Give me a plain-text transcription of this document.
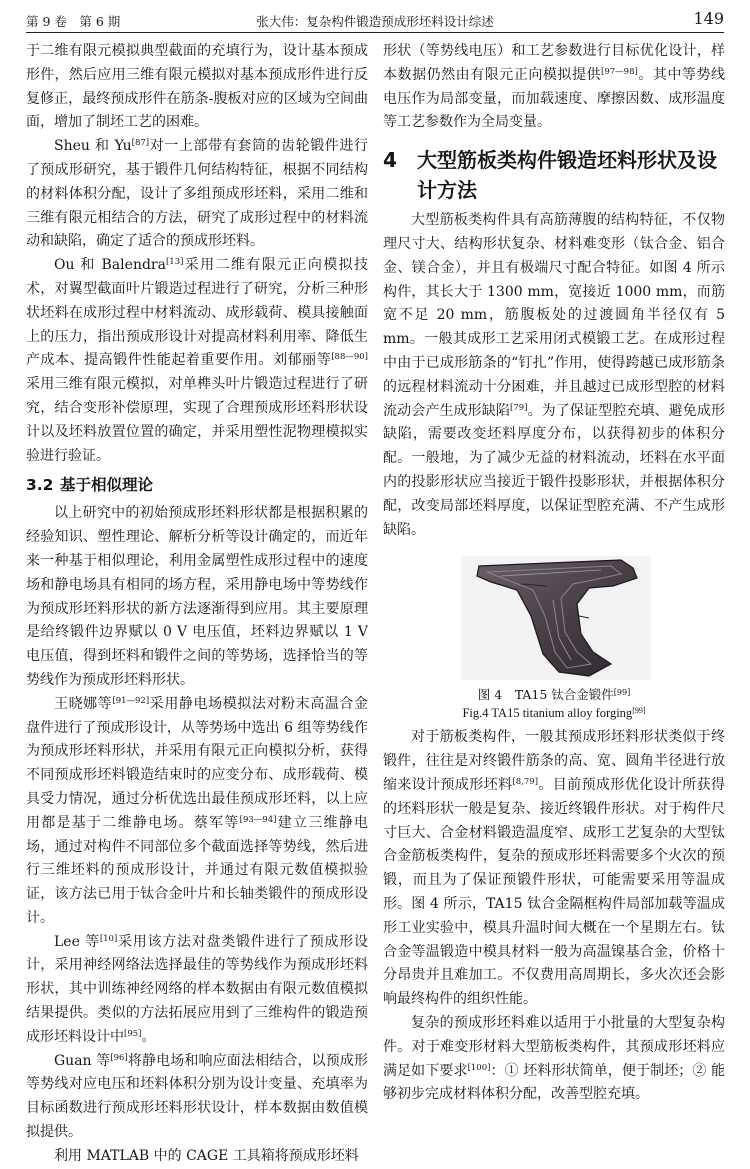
第 9 卷　第 6 期	张大伟：复杂构件锻造预成形坯料设计综述	149

于二维有限元模拟典型截面的充填行为，设计基本预成形件，然后应用三维有限元模拟对基本预成形件进行反复修正，最终预成形件在筋条-腹板对应的区域为空间曲面，增加了制坯工艺的困难。

Sheu 和 Yu[87]对一上部带有套筒的齿轮锻件进行了预成形研究，基于锻件几何结构特征，根据不同结构的材料体积分配，设计了多组预成形坯料，采用二维和三维有限元相结合的方法，研究了成形过程中的材料流动和缺陷，确定了适合的预成形坯料。

Ou 和 Balendra[13]采用二维有限元正向模拟技术，对翼型截面叶片锻造过程进行了研究，分析三种形状坯料在成形过程中材料流动、成形载荷、模具接触面上的压力，指出预成形设计对提高材料利用率、降低生产成本、提高锻件性能起着重要作用。刘郁丽等[88—90]采用三维有限元模拟，对单榫头叶片锻造过程进行了研究，结合变形补偿原理，实现了合理预成形坯料形状设计以及坯料放置位置的确定，并采用塑性泥物理模拟实验进行验证。

3.2 基于相似理论

以上研究中的初始预成形坯料形状都是根据积累的经验知识、塑性理论、解析分析等设计确定的，而近年来一种基于相似理论，利用金属塑性成形过程中的速度场和静电场具有相同的场方程，采用静电场中等势线作为预成形坯料形状的新方法逐渐得到应用。其主要原理是给终锻件边界赋以 0 V 电压值，坯料边界赋以 1 V 电压值，得到坯料和锻件之间的等势场，选择恰当的等势线作为预成形坯料形状。

王晓娜等[91—92]采用静电场模拟法对粉末高温合金盘件进行了预成形设计，从等势场中选出 6 组等势线作为预成形坯料形状，并采用有限元正向模拟分析，获得不同预成形坯料锻造结束时的应变分布、成形载荷、模具受力情况，通过分析优选出最佳预成形坯料，以上应用都是基于二维静电场。蔡军等[93—94]建立三维静电场，通过对构件不同部位多个截面选择等势线，然后进行三维坯料的预成形设计，并通过有限元数值模拟验证，该方法已用于钛合金叶片和长轴类锻件的预成形设计。

Lee 等[10]采用该方法对盘类锻件进行了预成形设计，采用神经网络法选择最佳的等势线作为预成形坯料形状，其中训练神经网络的样本数据由有限元数值模拟结果提供。类似的方法拓展应用到了三维构件的锻造预成形坯料设计中[95]。

Guan 等[96]将静电场和响应面法相结合，以预成形等势线对应电压和坯料体积分别为设计变量、充填率为目标函数进行预成形坯料形状设计，样本数据由数值模拟提供。

利用 MATLAB 中的 CAGE 工具箱将预成形坯料

形状（等势线电压）和工艺参数进行目标优化设计，样本数据仍然由有限元正向模拟提供[97—98]。其中等势线电压作为局部变量，而加载速度、摩擦因数、成形温度等工艺参数作为全局变量。

4	大型筋板类构件锻造坯料形状及设计方法

大型筋板类构件具有高筋薄腹的结构特征，不仅物理尺寸大、结构形状复杂、材料难变形（钛合金、铝合金、镁合金），并且有极端尺寸配合特征。如图 4 所示构件，其长大于 1300 mm，宽接近 1000 mm，而筋宽不足 20 mm，筋腹板处的过渡圆角半径仅有 5 mm。一般其成形工艺采用闭式模锻工艺。在成形过程中由于已成形筋条的“钉扎”作用，使得跨越已成形筋条的远程材料流动十分困难，并且越过已成形型腔的材料流动会产生成形缺陷[79]。为了保证型腔充填、避免成形缺陷，需要改变坯料厚度分布，以获得初步的体积分配。一般地，为了减少无益的材料流动，坯料在水平面内的投影形状应当接近于锻件投影形状，并根据体积分配，改变局部坯料厚度，以保证型腔充满、不产生成形缺陷。

图 4　TA15 钛合金锻件[99]
Fig.4 TA15 titanium alloy forging[99]

对于筋板类构件，一般其预成形坯料形状类似于终锻件，往往是对终锻件筋条的高、宽、圆角半径进行放缩来设计预成形坯料[8,79]。目前预成形优化设计所获得的坯料形状一般是复杂、接近终锻件形状。对于构件尺寸巨大、合金材料锻造温度窄、成形工艺复杂的大型钛合金筋板类构件，复杂的预成形坯料需要多个火次的预锻，而且为了保证预锻件形状，可能需要采用等温成形。图 4 所示，TA15 钛合金隔框构件局部加载等温成形工业实验中，模具升温时间大概在一个星期左右。钛合金等温锻造中模具材料一般为高温镍基合金，价格十分昂贵并且难加工。不仅费用高周期长，多火次还会影响最终构件的组织性能。

复杂的预成形坯料难以适用于小批量的大型复杂构件。对于难变形材料大型筋板类构件，其预成形坯料应满足如下要求[100]：① 坯料形状简单，便于制坯；② 能够初步完成材料体积分配，改善型腔充填。
